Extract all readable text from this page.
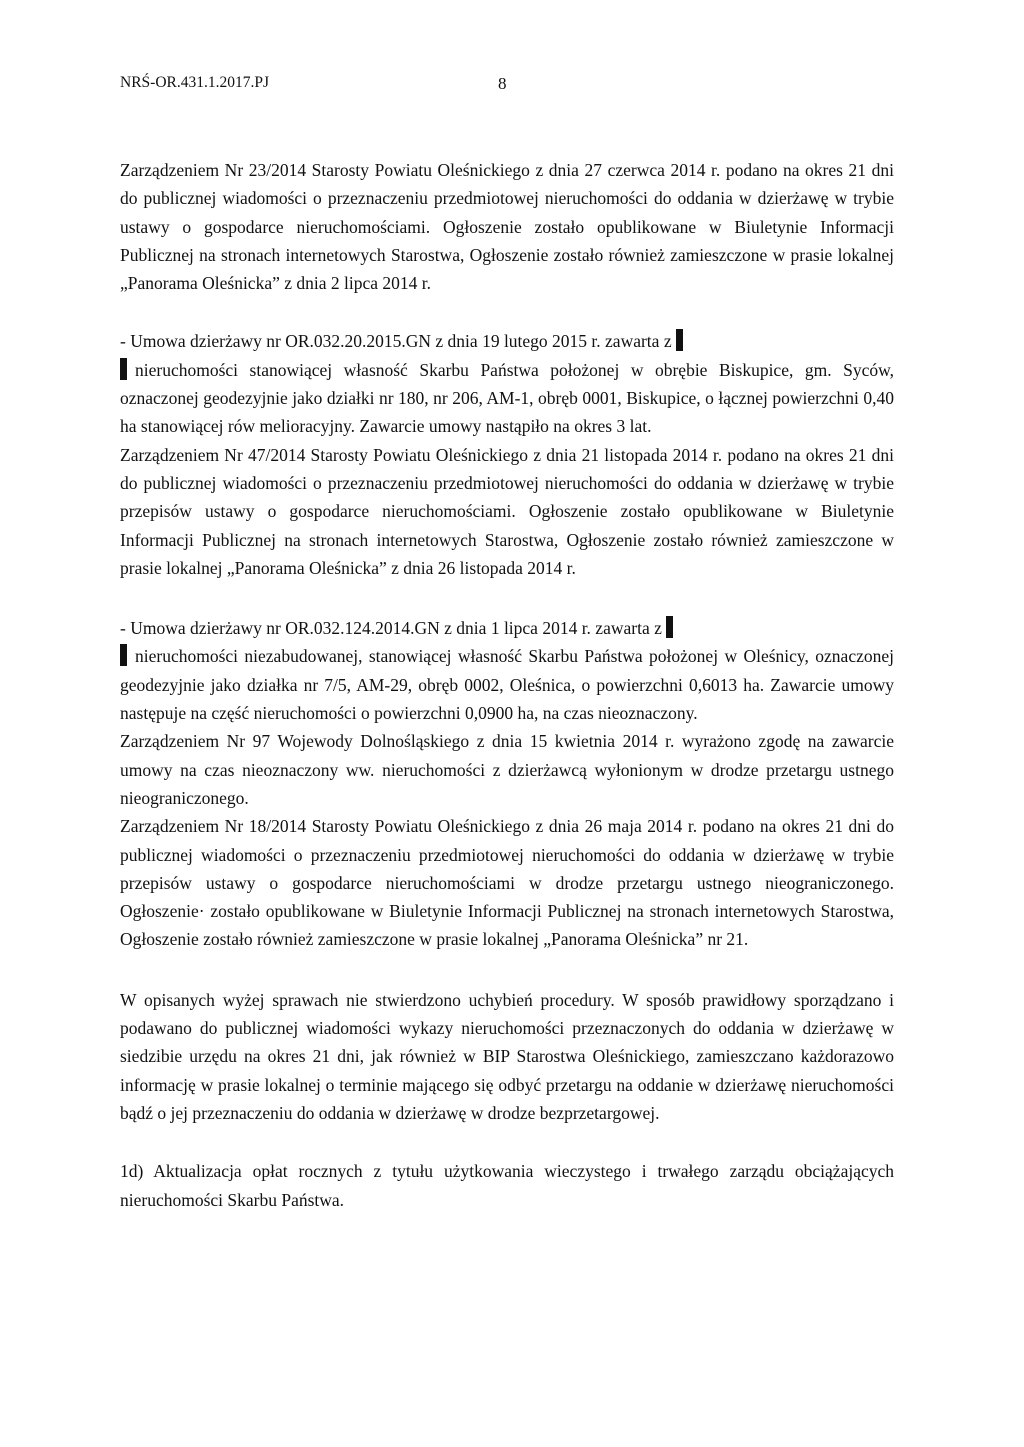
NRŚ-OR.431.1.2017.PJ	8

Zarządzeniem Nr 23/2014 Starosty Powiatu Oleśnickiego z dnia 27 czerwca 2014 r. podano na okres 21 dni do publicznej wiadomości o przeznaczeniu przedmiotowej nieruchomości do oddania w dzierżawę w trybie ustawy o gospodarce nieruchomościami. Ogłoszenie zostało opublikowane w Biuletynie Informacji Publicznej na stronach internetowych Starostwa, Ogłoszenie zostało również zamieszczone w prasie lokalnej „Panorama Oleśnicka” z dnia 2 lipca 2014 r.

- Umowa dzierżawy nr OR.032.20.2015.GN z dnia 19 lutego 2015 r. zawarta z
nieruchomości stanowiącej własność Skarbu Państwa położonej w obrębie Biskupice, gm. Syców, oznaczonej geodezyjnie jako działki nr 180, nr 206, AM-1, obręb 0001, Biskupice, o łącznej powierzchni 0,40 ha stanowiącej rów melioracyjny. Zawarcie umowy nastąpiło na okres 3 lat.

Zarządzeniem Nr 47/2014 Starosty Powiatu Oleśnickiego z dnia 21 listopada 2014 r. podano na okres 21 dni do publicznej wiadomości o przeznaczeniu przedmiotowej nieruchomości do oddania w dzierżawę w trybie przepisów ustawy o gospodarce nieruchomościami. Ogłoszenie zostało opublikowane w Biuletynie Informacji Publicznej na stronach internetowych Starostwa, Ogłoszenie zostało również zamieszczone w prasie lokalnej „Panorama Oleśnicka” z dnia 26 listopada 2014 r.

- Umowa dzierżawy nr OR.032.124.2014.GN z dnia 1 lipca 2014 r. zawarta z
nieruchomości niezabudowanej, stanowiącej własność Skarbu Państwa położonej w Oleśnicy, oznaczonej geodezyjnie jako działka nr 7/5, AM-29, obręb 0002, Oleśnica, o powierzchni 0,6013 ha. Zawarcie umowy następuje na część nieruchomości o powierzchni 0,0900 ha, na czas nieoznaczony.

Zarządzeniem Nr 97 Wojewody Dolnośląskiego z dnia 15 kwietnia 2014 r. wyrażono zgodę na zawarcie umowy na czas nieoznaczony ww. nieruchomości z dzierżawcą wyłonionym w drodze przetargu ustnego nieograniczonego.

Zarządzeniem Nr 18/2014 Starosty Powiatu Oleśnickiego z dnia 26 maja 2014 r. podano na okres 21 dni do publicznej wiadomości o przeznaczeniu przedmiotowej nieruchomości do oddania w dzierżawę w trybie przepisów ustawy o gospodarce nieruchomościami w drodze przetargu ustnego nieograniczonego. Ogłoszenie· zostało opublikowane w Biuletynie Informacji Publicznej na stronach internetowych Starostwa, Ogłoszenie zostało również zamieszczone w prasie lokalnej „Panorama Oleśnicka” nr 21.

W opisanych wyżej sprawach nie stwierdzono uchybień procedury. W sposób prawidłowy sporządzano i podawano do publicznej wiadomości wykazy nieruchomości przeznaczonych do oddania w dzierżawę w siedzibie urzędu na okres 21 dni, jak również w BIP Starostwa Oleśnickiego, zamieszczano każdorazowo informację w prasie lokalnej o terminie mającego się odbyć przetargu na oddanie w dzierżawę nieruchomości bądź o jej przeznaczeniu do oddania w dzierżawę w drodze bezprzetargowej.

1d) Aktualizacja opłat rocznych z tytułu użytkowania wieczystego i trwałego zarządu obciążających nieruchomości Skarbu Państwa.
